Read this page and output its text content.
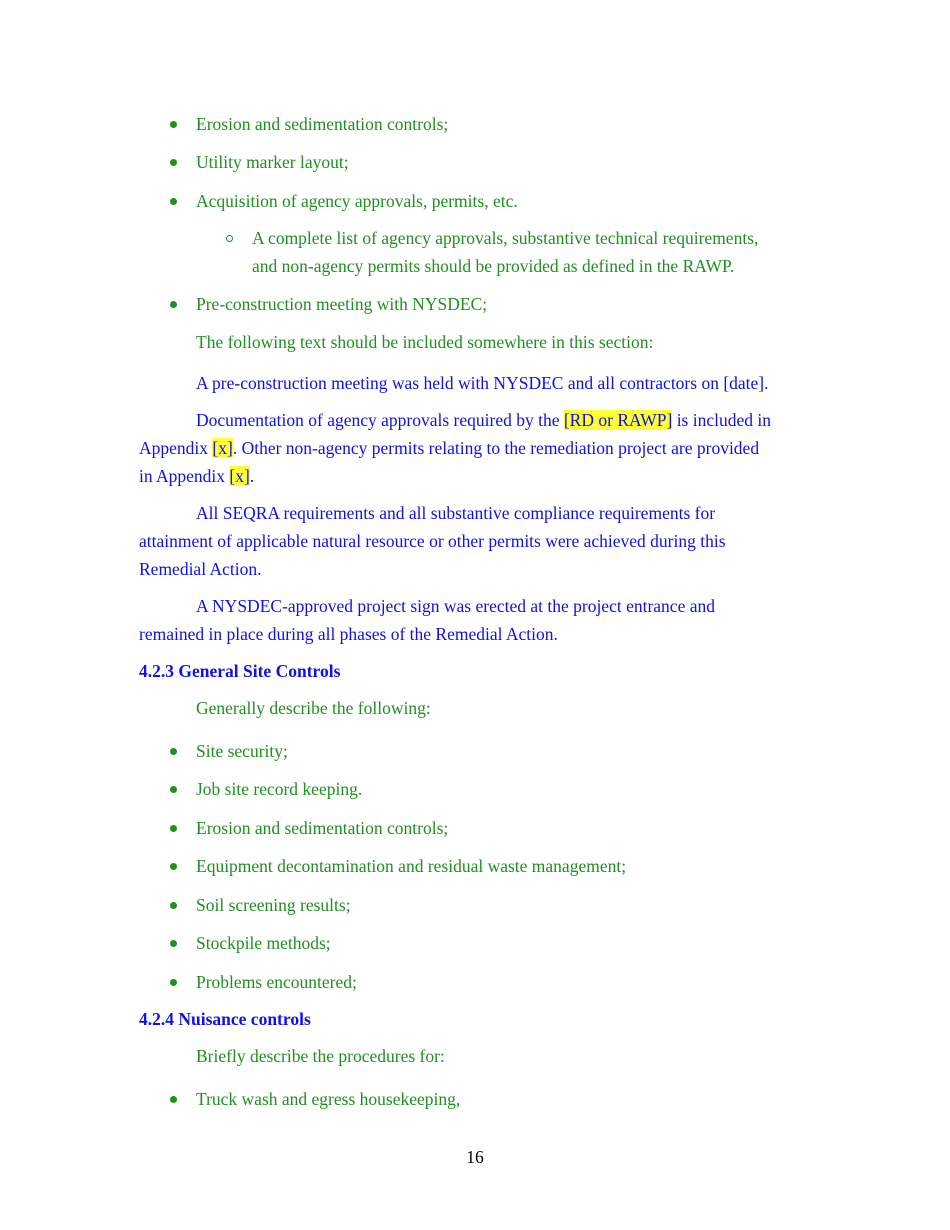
Erosion and sedimentation controls;
Utility marker layout;
Acquisition of agency approvals, permits, etc.
A complete list of agency approvals, substantive technical requirements,
and non-agency permits should be provided as defined in the RAWP.
Pre-construction meeting with NYSDEC;
The following text should be included somewhere in this section:
A pre-construction meeting was held with NYSDEC and all contractors on [date].
Documentation of agency approvals required by the [RD or RAWP] is included in
Appendix [x]. Other non-agency permits relating to the remediation project are provided
in Appendix [x].
All SEQRA requirements and all substantive compliance requirements for
attainment of applicable natural resource or other permits were achieved during this
Remedial Action.
A NYSDEC-approved project sign was erected at the project entrance and
remained in place during all phases of the Remedial Action.
4.2.3 General Site Controls
Generally describe the following:
Site security;
Job site record keeping.
Erosion and sedimentation controls;
Equipment decontamination and residual waste management;
Soil screening results;
Stockpile methods;
Problems encountered;
4.2.4 Nuisance controls
Briefly describe the procedures for:
Truck wash and egress housekeeping,
16
